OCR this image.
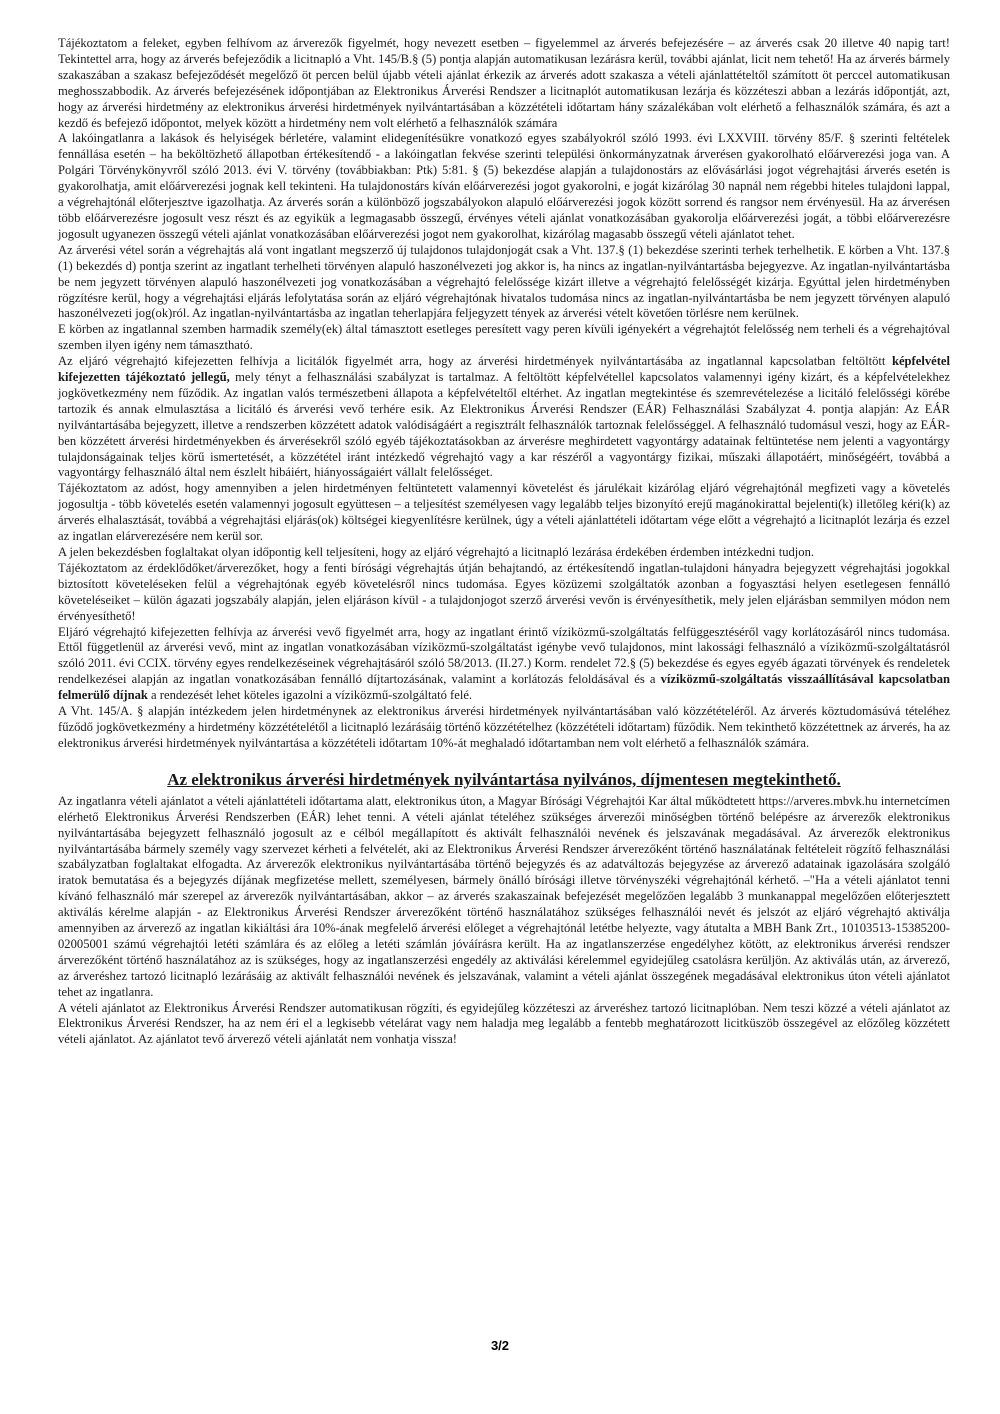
Tájékoztatom a feleket, egyben felhívom az árverezők figyelmét, hogy nevezett esetben – figyelemmel az árverés befejezésére – az árverés csak 20 illetve 40 napig tart! Tekintettel arra, hogy az árverés befejeződik a licitnapló a Vht. 145/B.§ (5) pontja alapján automatikusan lezárásra kerül, további ajánlat, licit nem tehető! Ha az árverés bármely szakaszában a szakasz befejeződését megelőző öt percen belül újabb vételi ajánlat érkezik az árverés adott szakasza a vételi ajánlattételtől számított öt perccel automatikusan meghosszabbodik. Az árverés befejezésének időpontjában az Elektronikus Árverési Rendszer a licitnaplót automatikusan lezárja és közzéteszi abban a lezárás időpontját, azt, hogy az árverési hirdetmény az elektronikus árverési hirdetmények nyilvántartásában a közzétételi időtartam hány százalékában volt elérhető a felhasználók számára, és azt a kezdő és befejező időpontot, melyek között a hirdetmény nem volt elérhető a felhasználók számára

A lakóingatlanra a lakások és helyiségek bérletére, valamint elidegenítésükre vonatkozó egyes szabályokról szóló 1993. évi LXXVIII. törvény 85/F. § szerinti feltételek fennállása esetén – ha beköltözhető állapotban értékesítendő - a lakóingatlan fekvése szerinti települési önkormányzatnak árverésen gyakorolható előárverezési joga van. A Polgári Törvénykönyvről szóló 2013. évi V. törvény (továbbiakban: Ptk) 5:81. § (5) bekezdése alapján a tulajdonostárs az elővásárlási jogot végrehajtási árverés esetén is gyakorolhatja, amit előárverezési jognak kell tekinteni. Ha tulajdonostárs kíván előárverezési jogot gyakorolni, e jogát kizárólag 30 napnál nem régebbi hiteles tulajdoni lappal, a végrehajtónál előterjesztve igazolhatja. Az árverés során a különböző jogszabályokon alapuló előárverezési jogok között sorrend és rangsor nem érvényesül. Ha az árverésen több előárverezésre jogosult vesz részt és az egyikük a legmagasabb összegű, érvényes vételi ajánlat vonatkozásában gyakorolja előárverezési jogát, a többi előárverezésre jogosult ugyanezen összegű vételi ajánlat vonatkozásában előárverezési jogot nem gyakorolhat, kizárólag magasabb összegű vételi ajánlatot tehet.

Az árverési vétel során a végrehajtás alá vont ingatlant megszerző új tulajdonos tulajdonjogát csak a Vht. 137.§ (1) bekezdése szerinti terhek terhelhetik. E körben a Vht. 137.§ (1) bekezdés d) pontja szerint az ingatlant terhelheti törvényen alapuló haszonélvezeti jog akkor is, ha nincs az ingatlan-nyilvántartásba bejegyezve. Az ingatlan-nyilvántartásba be nem jegyzett törvényen alapuló haszonélvezeti jog vonatkozásában a végrehajtó felelőssége kizárt illetve a végrehajtó felelősségét kizárja. Egyúttal jelen hirdetményben rögzítésre kerül, hogy a végrehajtási eljárás lefolytatása során az eljáró végrehajtónak hivatalos tudomása nincs az ingatlan-nyilvántartásba be nem jegyzett törvényen alapuló haszonélvezeti jog(ok)ról. Az ingatlan-nyilvántartásba az ingatlan teherlapjára feljegyzett tények az árverési vételt követően törlésre nem kerülnek.

E körben az ingatlannal szemben harmadik személy(ek) által támasztott esetleges peresített vagy peren kívüli igényekért a végrehajtót felelősség nem terheli és a végrehajtóval szemben ilyen igény nem támasztható.

Az eljáró végrehajtó kifejezetten felhívja a licitálók figyelmét arra, hogy az árverési hirdetmények nyilvántartásába az ingatlannal kapcsolatban feltöltött képfelvétel kifejezetten tájékoztató jellegű, mely tényt a felhasználási szabályzat is tartalmaz. A feltöltött képfelvétellel kapcsolatos valamennyi igény kizárt, és a képfelvételekhez jogkövetkezmény nem fűződik. Az ingatlan valós természetbeni állapota a képfelvételtől eltérhet. Az ingatlan megtekintése és szemrevételezése a licitáló felelősségi körébe tartozik és annak elmulasztása a licitáló és árverési vevő terhére esik. Az Elektronikus Árverési Rendszer (EÁR) Felhasználási Szabályzat 4. pontja alapján: Az EÁR nyilvántartásába bejegyzett, illetve a rendszerben közzétett adatok valódiságáért a regisztrált felhasználók tartoznak felelősséggel. A felhasználó tudomásul veszi, hogy az EÁR-ben közzétett árverési hirdetményekben és árverésekről szóló egyéb tájékoztatásokban az árverésre meghirdetett vagyontárgy adatainak feltüntetése nem jelenti a vagyontárgy tulajdonságainak teljes körű ismertetését, a közzététel iránt intézkedő végrehajtó vagy a kar részéről a vagyontárgy fizikai, műszaki állapotáért, minőségéért, továbbá a vagyontárgy felhasználó által nem észlelt hibáiért, hiányosságaiért vállalt felelősséget.

Tájékoztatom az adóst, hogy amennyiben a jelen hirdetményen feltüntetett valamennyi követelést és járulékait kizárólag eljáró végrehajtónál megfizeti vagy a követelés jogosultja - több követelés esetén valamennyi jogosult együttesen – a teljesítést személyesen vagy legalább teljes bizonyító erejű magánokirattal bejelenti(k) illetőleg kéri(k) az árverés elhalasztását, továbbá a végrehajtási eljárás(ok) költségei kiegyenlítésre kerülnek, úgy a vételi ajánlattételi időtartam vége előtt a végrehajtó a licitnaplót lezárja és ezzel az ingatlan elárverezésére nem kerül sor.

A jelen bekezdésben foglaltakat olyan időpontig kell teljesíteni, hogy az eljáró végrehajtó a licitnapló lezárása érdekében érdemben intézkedni tudjon.

Tájékoztatom az érdeklődőket/árverezőket, hogy a fenti bírósági végrehajtás útján behajtandó, az értékesítendő ingatlan-tulajdoni hányadra bejegyzett végrehajtási jogokkal biztosított követeléseken felül a végrehajtónak egyéb követelésről nincs tudomása. Egyes közüzemi szolgáltatók azonban a fogyasztási helyen esetlegesen fennálló követeléseiket – külön ágazati jogszabály alapján, jelen eljáráson kívül - a tulajdonjogot szerző árverési vevőn is érvényesíthetik, mely jelen eljárásban semmilyen módon nem érvényesíthető!

Eljáró végrehajtó kifejezetten felhívja az árverési vevő figyelmét arra, hogy az ingatlant érintő víziközmű-szolgáltatás felfüggesztéséről vagy korlátozásáról nincs tudomása. Ettől függetlenül az árverési vevő, mint az ingatlan vonatkozásában víziközmű-szolgáltatást igénybe vevő tulajdonos, mint lakossági felhasználó a víziközmű-szolgáltatásról szóló 2011. évi CCIX. törvény egyes rendelkezéseinek végrehajtásáról szóló 58/2013. (II.27.) Korm. rendelet 72.§ (5) bekezdése és egyes egyéb ágazati törvények és rendeletek rendelkezései alapján az ingatlan vonatkozásában fennálló díjtartozásának, valamint a korlátozás feloldásával és a víziközmű-szolgáltatás visszaállításával kapcsolatban felmerülő díjnak a rendezését lehet köteles igazolni a víziközmű-szolgáltató felé.

A Vht. 145/A. § alapján intézkedem jelen hirdetménynek az elektronikus árverési hirdetmények nyilvántartásában való közzétételéről. Az árverés köztudomásúvá tételéhez fűződő jogkövetkezmény a hirdetmény közzétételétől a licitnapló lezárásáig történő közzétételhez (közzétételi időtartam) fűződik. Nem tekinthető közzétettnek az árverés, ha az elektronikus árverési hirdetmények nyilvántartása a közzétételi időtartam 10%-át meghaladó időtartamban nem volt elérhető a felhasználók számára.

Az elektronikus árverési hirdetmények nyilvántartása nyilvános, díjmentesen megtekinthető.

Az ingatlanra vételi ajánlatot a vételi ajánlattételi időtartama alatt, elektronikus úton, a Magyar Bírósági Végrehajtói Kar által működtetett https://arveres.mbvk.hu internetcímen elérhető Elektronikus Árverési Rendszerben (EÁR) lehet tenni. A vételi ajánlat tételéhez szükséges árverezői minőségben történő belépésre az árverezők elektronikus nyilvántartásába bejegyzett felhasználó jogosult az e célból megállapított és aktivált felhasználói nevének és jelszavának megadásával. Az árverezők elektronikus nyilvántartásába bármely személy vagy szervezet kérheti a felvételét, aki az Elektronikus Árverési Rendszer árverezőként történő használatának feltételeit rögzítő felhasználási szabályzatban foglaltakat elfogadta. Az árverezők elektronikus nyilvántartásába történő bejegyzés és az adatváltozás bejegyzése az árverező adatainak igazolására szolgáló iratok bemutatása és a bejegyzés díjának megfizetése mellett, személyesen, bármely önálló bírósági illetve törvényszéki végrehajtónál kérhető. –"Ha a vételi ajánlatot tenni kívánó felhasználó már szerepel az árverezők nyilvántartásában, akkor – az árverés szakaszainak befejezését megelőzően legalább 3 munkanappal megelőzően előterjesztett aktiválás kérelme alapján - az Elektronikus Árverési Rendszer árverezőként történő használatához szükséges felhasználói nevét és jelszót az eljáró végrehajtó aktiválja amennyiben az árverező az ingatlan kikiáltási ára 10%-ának megfelelő árverési előleget a végrehajtónál letétbe helyezte, vagy átutalta a MBH Bank Zrt., 10103513-15385200-02005001 számú végrehajtói letéti számlára és az előleg a letéti számlán jóváírásra került. Ha az ingatlanszerzése engedélyhez kötött, az elektronikus árverési rendszer árverezőként történő használatához az is szükséges, hogy az ingatlanszerzési engedély az aktiválási kérelemmel egyidejűleg csatolásra kerüljön. Az aktiválás után, az árverező, az árveréshez tartozó licitnapló lezárásáig az aktivált felhasználói nevének és jelszavának, valamint a vételi ajánlat összegének megadásával elektronikus úton vételi ajánlatot tehet az ingatlanra.

A vételi ajánlatot az Elektronikus Árverési Rendszer automatikusan rögzíti, és egyidejűleg közzéteszi az árveréshez tartozó licitnaplóban. Nem teszi közzé a vételi ajánlatot az Elektronikus Árverési Rendszer, ha az nem éri el a legkisebb vételárat vagy nem haladja meg legalább a fentebb meghatározott licitküszöb összegével az előzőleg közzétett vételi ajánlatot. Az ajánlatot tevő árverező vételi ajánlatát nem vonhatja vissza!

3/2
